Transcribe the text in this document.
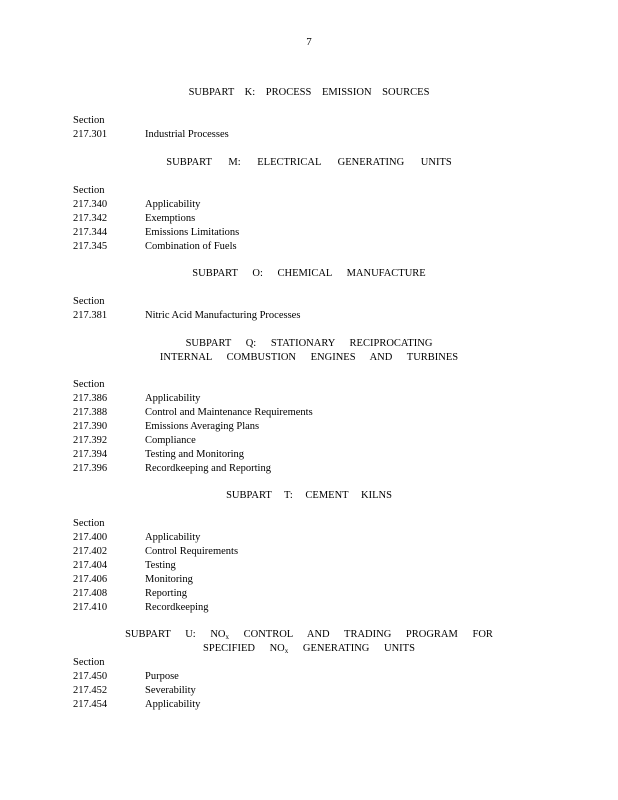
7
SUBPART K: PROCESS EMISSION SOURCES
Section
217.301	Industrial Processes
SUBPART M: ELECTRICAL GENERATING UNITS
Section
217.340	Applicability
217.342	Exemptions
217.344	Emissions Limitations
217.345	Combination of Fuels
SUBPART O: CHEMICAL MANUFACTURE
Section
217.381	Nitric Acid Manufacturing Processes
SUBPART Q: STATIONARY RECIPROCATING
INTERNAL COMBUSTION ENGINES AND TURBINES
Section
217.386	Applicability
217.388	Control and Maintenance Requirements
217.390	Emissions Averaging Plans
217.392	Compliance
217.394	Testing and Monitoring
217.396	Recordkeeping and Reporting
SUBPART T: CEMENT KILNS
Section
217.400	Applicability
217.402	Control Requirements
217.404	Testing
217.406	Monitoring
217.408	Reporting
217.410	Recordkeeping
SUBPART U: $NO_x$ CONTROL AND TRADING PROGRAM FOR
SPECIFIED $NO_x$ GENERATING UNITS
Section
217.450	Purpose
217.452	Severability
217.454	Applicability
